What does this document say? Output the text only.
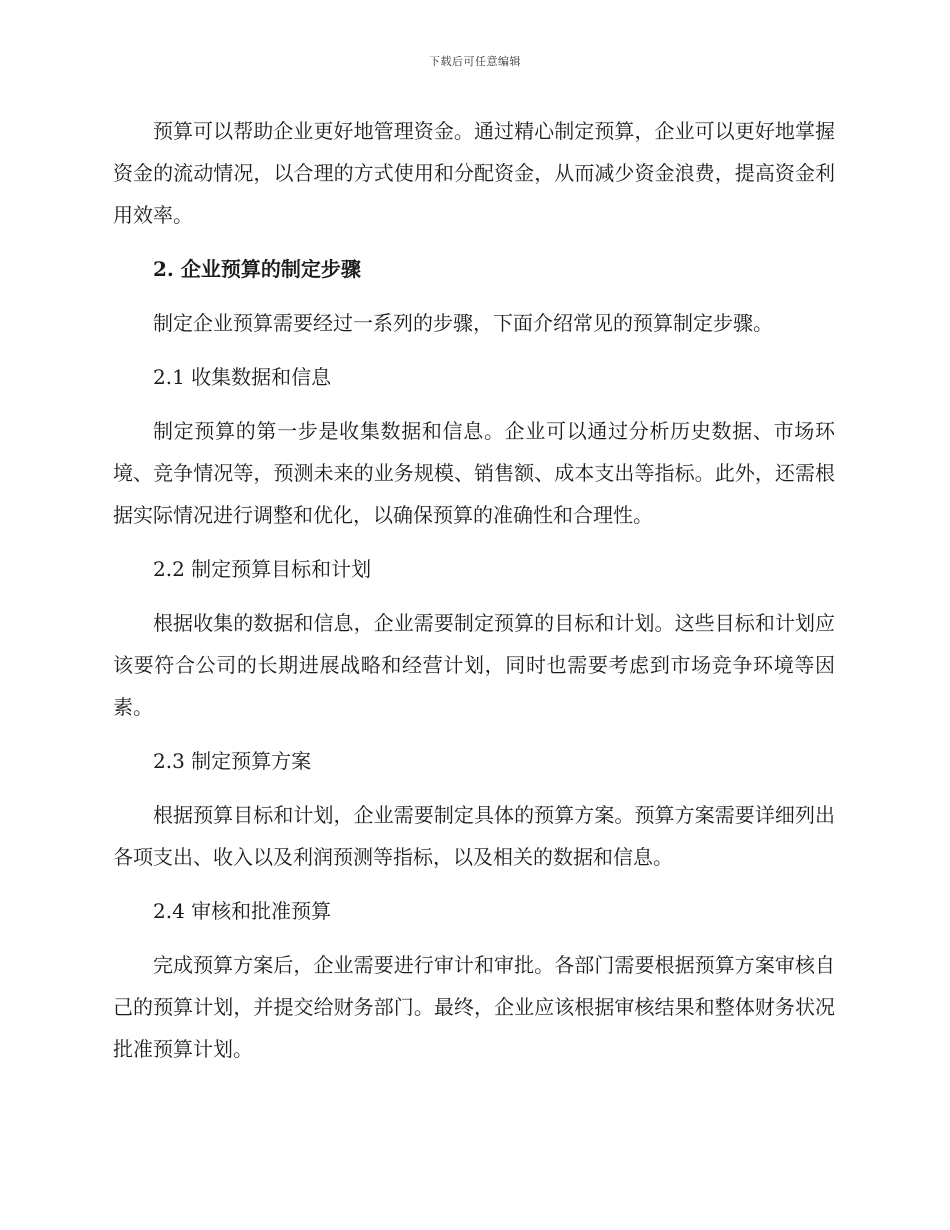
下载后可任意编辑

预算可以帮助企业更好地管理资金。通过精心制定预算，企业可以更好地掌握资金的流动情况，以合理的方式使用和分配资金，从而减少资金浪费，提高资金利用效率。

2. 企业预算的制定步骤

制定企业预算需要经过一系列的步骤，下面介绍常见的预算制定步骤。

2.1 收集数据和信息

制定预算的第一步是收集数据和信息。企业可以通过分析历史数据、市场环境、竞争情况等，预测未来的业务规模、销售额、成本支出等指标。此外，还需根据实际情况进行调整和优化，以确保预算的准确性和合理性。

2.2 制定预算目标和计划

根据收集的数据和信息，企业需要制定预算的目标和计划。这些目标和计划应该要符合公司的长期进展战略和经营计划，同时也需要考虑到市场竞争环境等因素。

2.3 制定预算方案

根据预算目标和计划，企业需要制定具体的预算方案。预算方案需要详细列出各项支出、收入以及利润预测等指标，以及相关的数据和信息。

2.4 审核和批准预算

完成预算方案后，企业需要进行审计和审批。各部门需要根据预算方案审核自己的预算计划，并提交给财务部门。最终，企业应该根据审核结果和整体财务状况批准预算计划。
